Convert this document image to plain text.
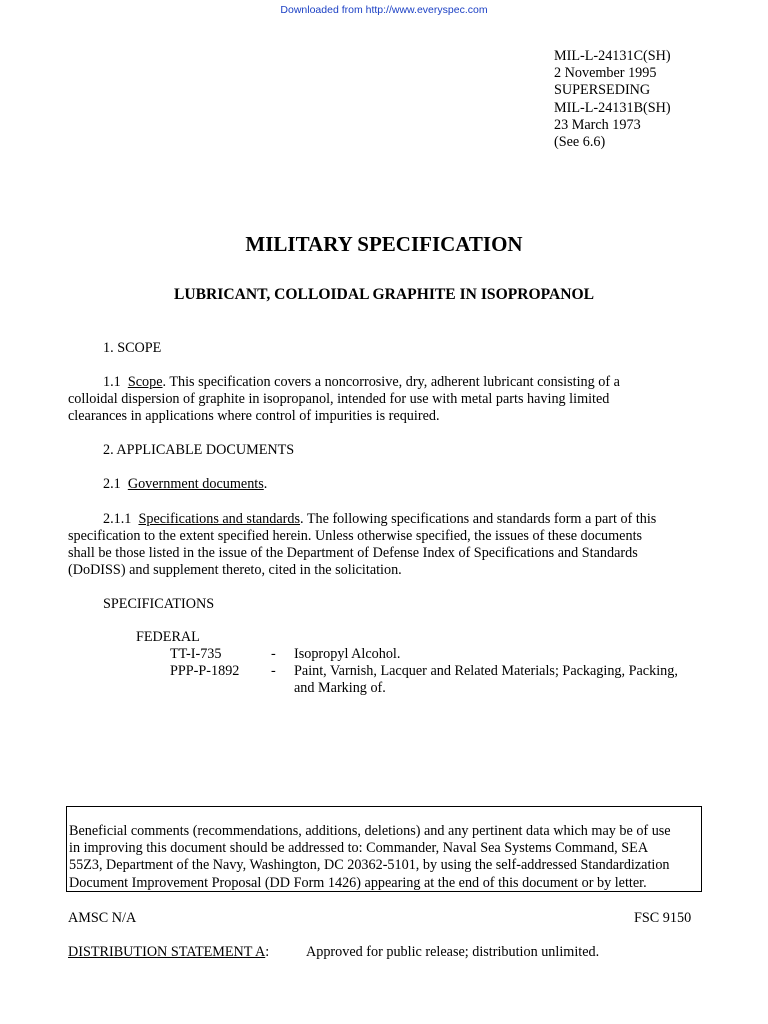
Downloaded from http://www.everyspec.com
MIL-L-24131C(SH)
2 November 1995
SUPERSEDING
MIL-L-24131B(SH)
23 March 1973
(See 6.6)
MILITARY SPECIFICATION
LUBRICANT, COLLOIDAL GRAPHITE IN ISOPROPANOL
1. SCOPE
1.1 Scope. This specification covers a noncorrosive, dry, adherent lubricant consisting of a
colloidal dispersion of graphite in isopropanol, intended for use with metal parts having limited
clearances in applications where control of impurities is required.
2. APPLICABLE DOCUMENTS
2.1 Government documents.
2.1.1 Specifications and standards. The following specifications and standards form a part of this
specification to the extent specified herein. Unless otherwise specified, the issues of these documents
shall be those listed in the issue of the Department of Defense Index of Specifications and Standards
(DoDISS) and supplement thereto, cited in the solicitation.
SPECIFICATIONS
FEDERAL
TT-I-735	- Isopropyl Alcohol.
PPP-P-1892 - Paint, Varnish, Lacquer and Related Materials; Packaging, Packing,
and Marking of.
Beneficial comments (recommendations, additions, deletions) and any pertinent data which may be of use
in improving this document should be addressed to: Commander, Naval Sea Systems Command, SEA
55Z3, Department of the Navy, Washington, DC 20362-5101, by using the self-addressed Standardization
Document Improvement Proposal (DD Form 1426) appearing at the end of this document or by letter.
AMSC N/A	FSC 9150
DISTRIBUTION STATEMENT A:	Approved for public release; distribution unlimited.
